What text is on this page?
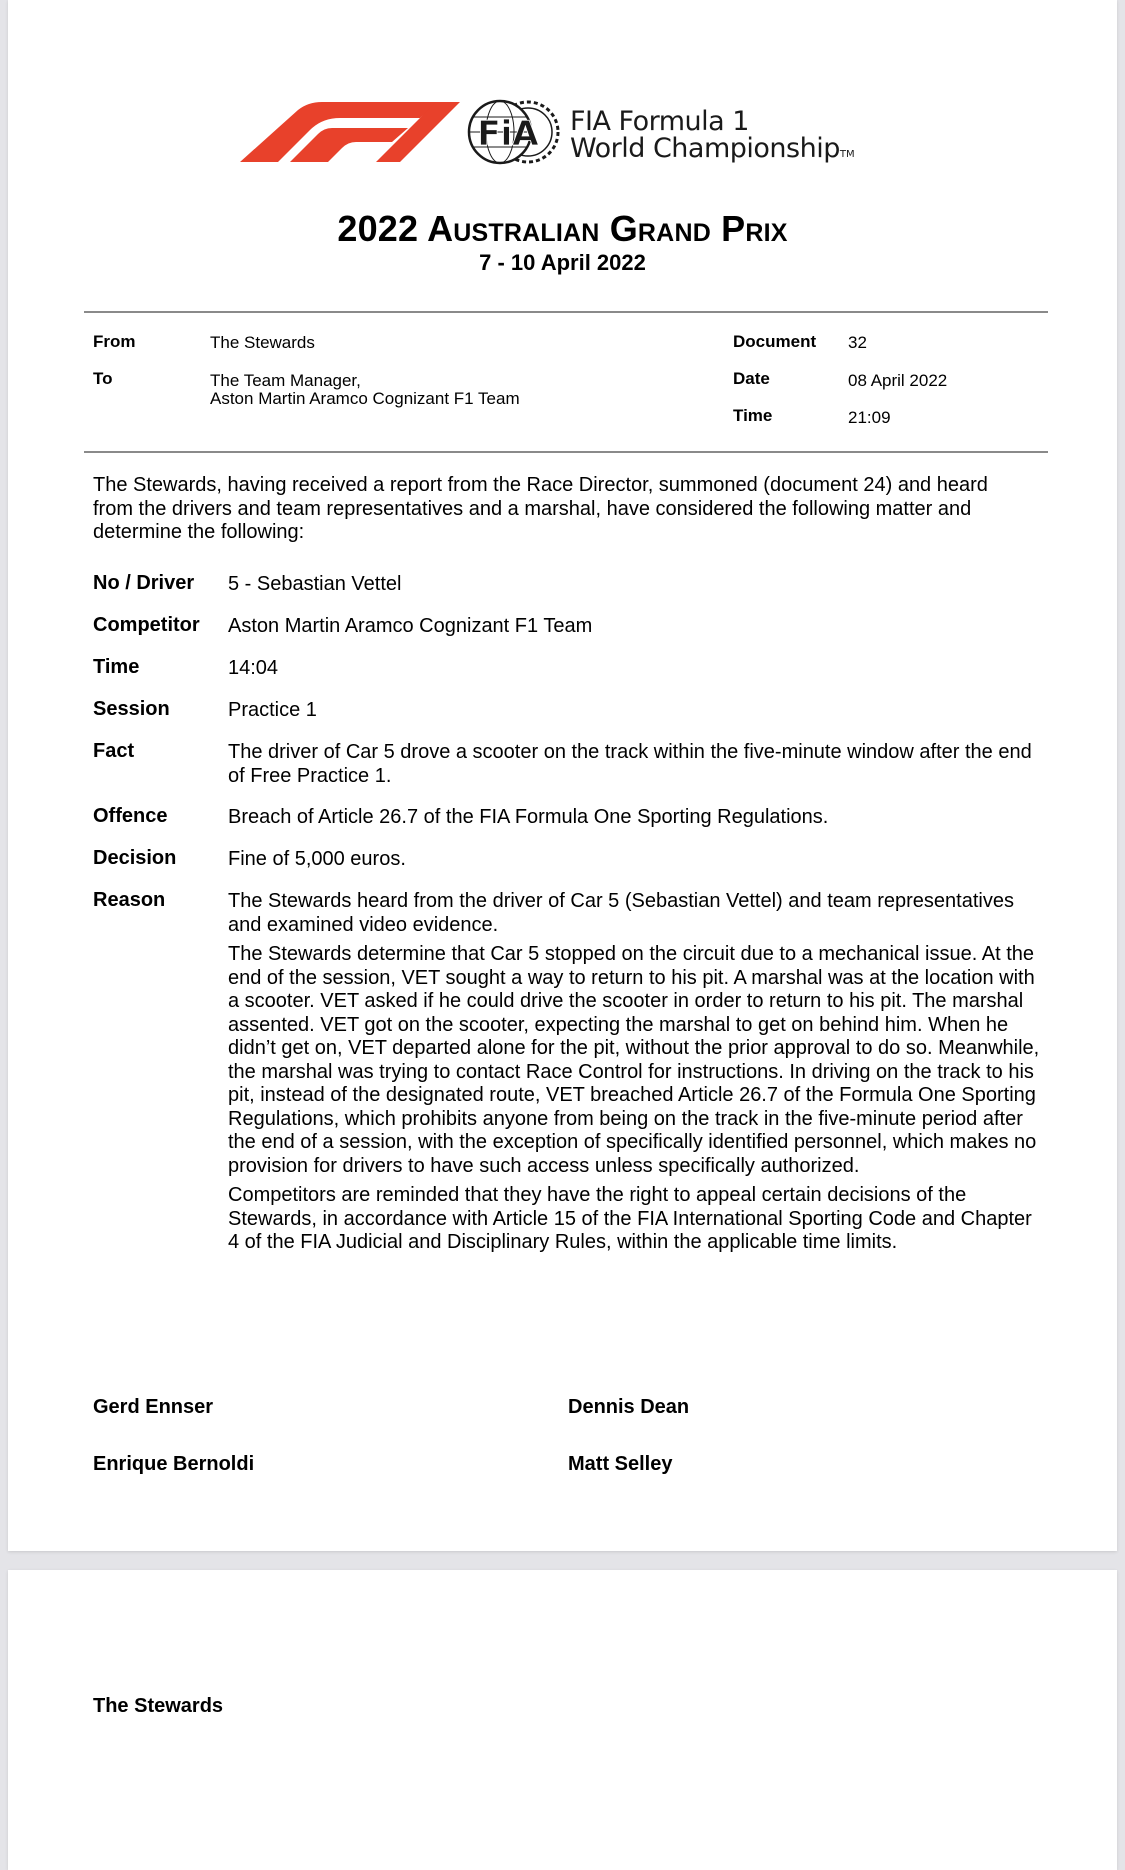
FiA FIA Formula 1
World ChampionshipTM
2022 Australian Grand Prix
7 - 10 April 2022
From	The Stewards
To	The Team Manager,
Aston Martin Aramco Cognizant F1 Team
Document 32
Date	08 April 2022
Time	21:09
The Stewards, having received a report from the Race Director, summoned (document 24) and heard from the drivers and team representatives and a marshal, have considered the following matter and determine the following:
No / Driver 5 - Sebastian Vettel
Competitor Aston Martin Aramco Cognizant F1 Team
Time	14:04
Session	Practice 1
Fact	The driver of Car 5 drove a scooter on the track within the five-minute window after the end of Free Practice 1.
Offence	Breach of Article 26.7 of the FIA Formula One Sporting Regulations.
Decision	Fine of 5,000 euros.
Reason	The Stewards heard from the driver of Car 5 (Sebastian Vettel) and team representatives and examined video evidence.

The Stewards determine that Car 5 stopped on the circuit due to a mechanical issue. At the end of the session, VET sought a way to return to his pit. A marshal was at the location with a scooter. VET asked if he could drive the scooter in order to return to his pit. The marshal assented. VET got on the scooter, expecting the marshal to get on behind him. When he didn’t get on, VET departed alone for the pit, without the prior approval to do so. Meanwhile, the marshal was trying to contact Race Control for instructions. In driving on the track to his pit, instead of the designated route, VET breached Article 26.7 of the Formula One Sporting Regulations, which prohibits anyone from being on the track in the five-minute period after the end of a session, with the exception of specifically identified personnel, which makes no provision for drivers to have such access unless specifically authorized.

Competitors are reminded that they have the right to appeal certain decisions of the Stewards, in accordance with Article 15 of the FIA International Sporting Code and Chapter 4 of the FIA Judicial and Disciplinary Rules, within the applicable time limits.

Gerd Ennser	Dennis Dean
Enrique Bernoldi	Matt Selley
The Stewards
